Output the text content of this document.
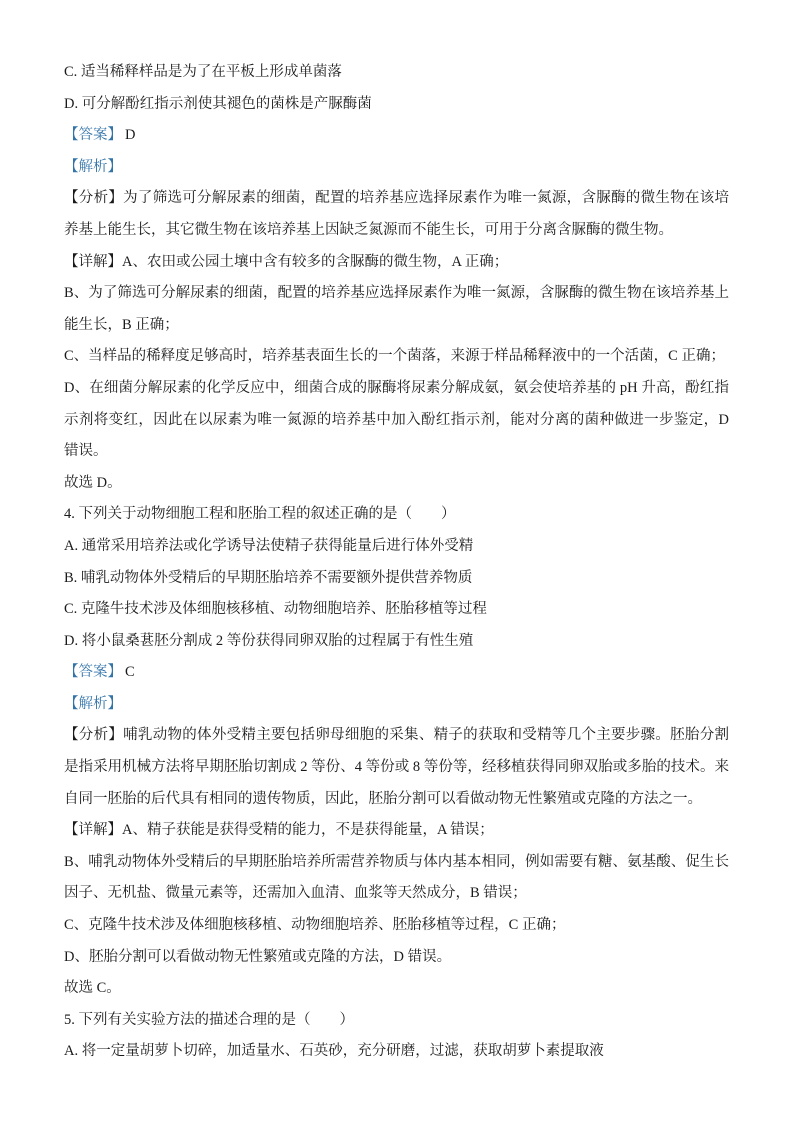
C. 适当稀释样品是为了在平板上形成单菌落

D. 可分解酚红指示剂使其褪色的菌株是产脲酶菌

【答案】 D

【解析】

【分析】为了筛选可分解尿素的细菌，配置的培养基应选择尿素作为唯一氮源，含脲酶的微生物在该培养基上能生长，其它微生物在该培养基上因缺乏氮源而不能生长，可用于分离含脲酶的微生物。

【详解】A、农田或公园土壤中含有较多的含脲酶的微生物，A 正确；

B、为了筛选可分解尿素的细菌，配置的培养基应选择尿素作为唯一氮源，含脲酶的微生物在该培养基上能生长，B 正确；

C、当样品的稀释度足够高时，培养基表面生长的一个菌落，来源于样品稀释液中的一个活菌，C 正确；

D、在细菌分解尿素的化学反应中，细菌合成的脲酶将尿素分解成氨，氨会使培养基的 pH 升高，酚红指示剂将变红，因此在以尿素为唯一氮源的培养基中加入酚红指示剂，能对分离的菌种做进一步鉴定，D 错误。

故选 D。

4. 下列关于动物细胞工程和胚胎工程的叙述正确的是（　　）

A. 通常采用培养法或化学诱导法使精子获得能量后进行体外受精

B. 哺乳动物体外受精后的早期胚胎培养不需要额外提供营养物质

C. 克隆牛技术涉及体细胞核移植、动物细胞培养、胚胎移植等过程

D. 将小鼠桑葚胚分割成 2 等份获得同卵双胎的过程属于有性生殖

【答案】 C

【解析】

【分析】哺乳动物的体外受精主要包括卵母细胞的采集、精子的获取和受精等几个主要步骤。胚胎分割是指采用机械方法将早期胚胎切割成 2 等份、4 等份或 8 等份等，经移植获得同卵双胎或多胎的技术。来自同一胚胎的后代具有相同的遗传物质，因此，胚胎分割可以看做动物无性繁殖或克隆的方法之一。

【详解】A、精子获能是获得受精的能力，不是获得能量，A 错误；

B、哺乳动物体外受精后的早期胚胎培养所需营养物质与体内基本相同，例如需要有糖、氨基酸、促生长因子、无机盐、微量元素等，还需加入血清、血浆等天然成分，B 错误；

C、克隆牛技术涉及体细胞核移植、动物细胞培养、胚胎移植等过程，C 正确；

D、胚胎分割可以看做动物无性繁殖或克隆的方法，D 错误。

故选 C。

5. 下列有关实验方法的描述合理的是（　　）

A. 将一定量胡萝卜切碎，加适量水、石英砂，充分研磨，过滤，获取胡萝卜素提取液
